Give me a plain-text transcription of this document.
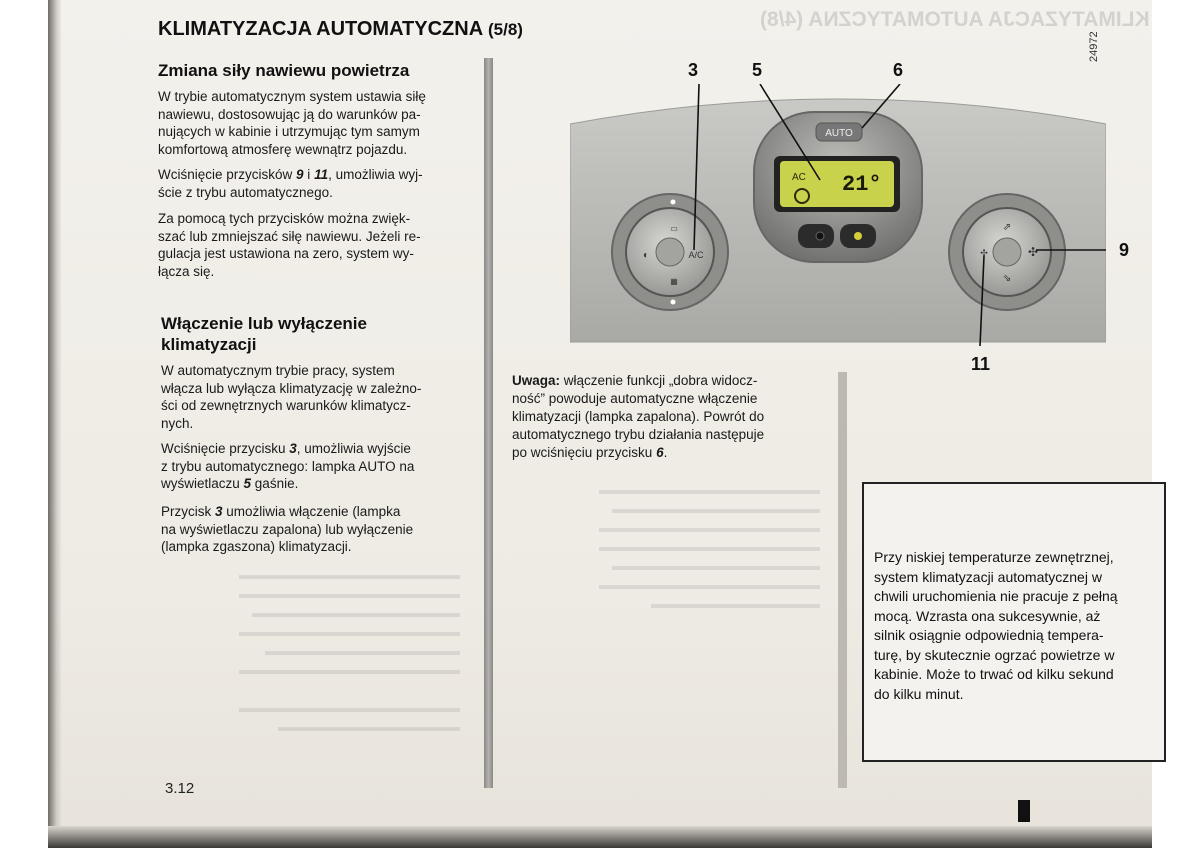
KLIMATYZACJA AUTOMATYCZNA (4/8)
▬▬▬▬▬▬▬▬▬▬▬▬▬▬▬▬▬
▬▬▬▬▬▬▬▬▬▬▬▬▬▬▬▬▬
▬▬▬▬▬▬▬▬▬▬▬▬▬▬▬▬
▬▬▬▬▬▬▬▬▬▬▬▬▬▬▬▬▬
▬▬▬▬▬▬▬▬▬▬▬▬▬▬▬
▬▬▬▬▬▬▬▬▬▬▬▬▬▬▬▬▬

▬▬▬▬▬▬▬▬▬▬▬▬▬▬▬▬▬
▬▬▬▬▬▬▬▬▬▬▬▬▬▬
▬▬▬▬▬▬▬▬▬▬▬▬▬▬▬▬▬
▬▬▬▬▬▬▬▬▬▬▬▬▬▬▬▬
▬▬▬▬▬▬▬▬▬▬▬▬▬▬▬▬▬
▬▬▬▬▬▬▬▬▬▬▬▬▬▬▬▬▬
▬▬▬▬▬▬▬▬▬▬▬▬▬▬▬▬
▬▬▬▬▬▬▬▬▬▬▬▬▬▬▬▬▬
▬▬▬▬▬▬▬▬▬▬▬▬▬
KLIMATYZACJA AUTOMATYCZNA (5/8)
Zmiana siły nawiewu powietrza
W trybie automatycznym system ustawia siłę
nawiewu, dostosowując ją do warunków pa-
nujących w kabinie i utrzymując tym samym
komfortową atmosferę wewnątrz pojazdu.
Wciśnięcie przycisków 9 i 11, umożliwia wyj-
ście z trybu automatycznego.
Za pomocą tych przycisków można zwięk-
szać lub zmniejszać siłę nawiewu. Jeżeli re-
gulacja jest ustawiona na zero, system wy-
łącza się.
Włączenie lub wyłączenie
klimatyzacji
W automatycznym trybie pracy, system
włącza lub wyłącza klimatyzację w zależno-
ści od zewnętrznych warunków klimatycz-
nych.
Wciśnięcie przycisku 3, umożliwia wyjście
z trybu automatycznego: lampka AUTO na
wyświetlaczu 5 gaśnie.
Przycisk 3 umożliwia włączenie (lampka
na wyświetlaczu zapalona) lub wyłączenie
(lampka zgaszona) klimatyzacji.
24972
AUTO
AC 21°
▭
A/C
▦
◐
⇗
⇘
✣
✣
3	5	6
9
11
Uwaga: włączenie funkcji „dobra widocz-
ność” powoduje automatyczne włączenie
klimatyzacji (lampka zapalona). Powrót do
automatycznego trybu działania następuje
po wciśnięciu przycisku 6.
Przy niskiej temperaturze zewnętrznej,
system klimatyzacji automatycznej w
chwili uruchomienia nie pracuje z pełną
mocą. Wzrasta ona sukcesywnie, aż
silnik osiągnie odpowiednią tempera-
turę, by skutecznie ogrzać powietrze w
kabinie. Może to trwać od kilku sekund
do kilku minut.
3.12
